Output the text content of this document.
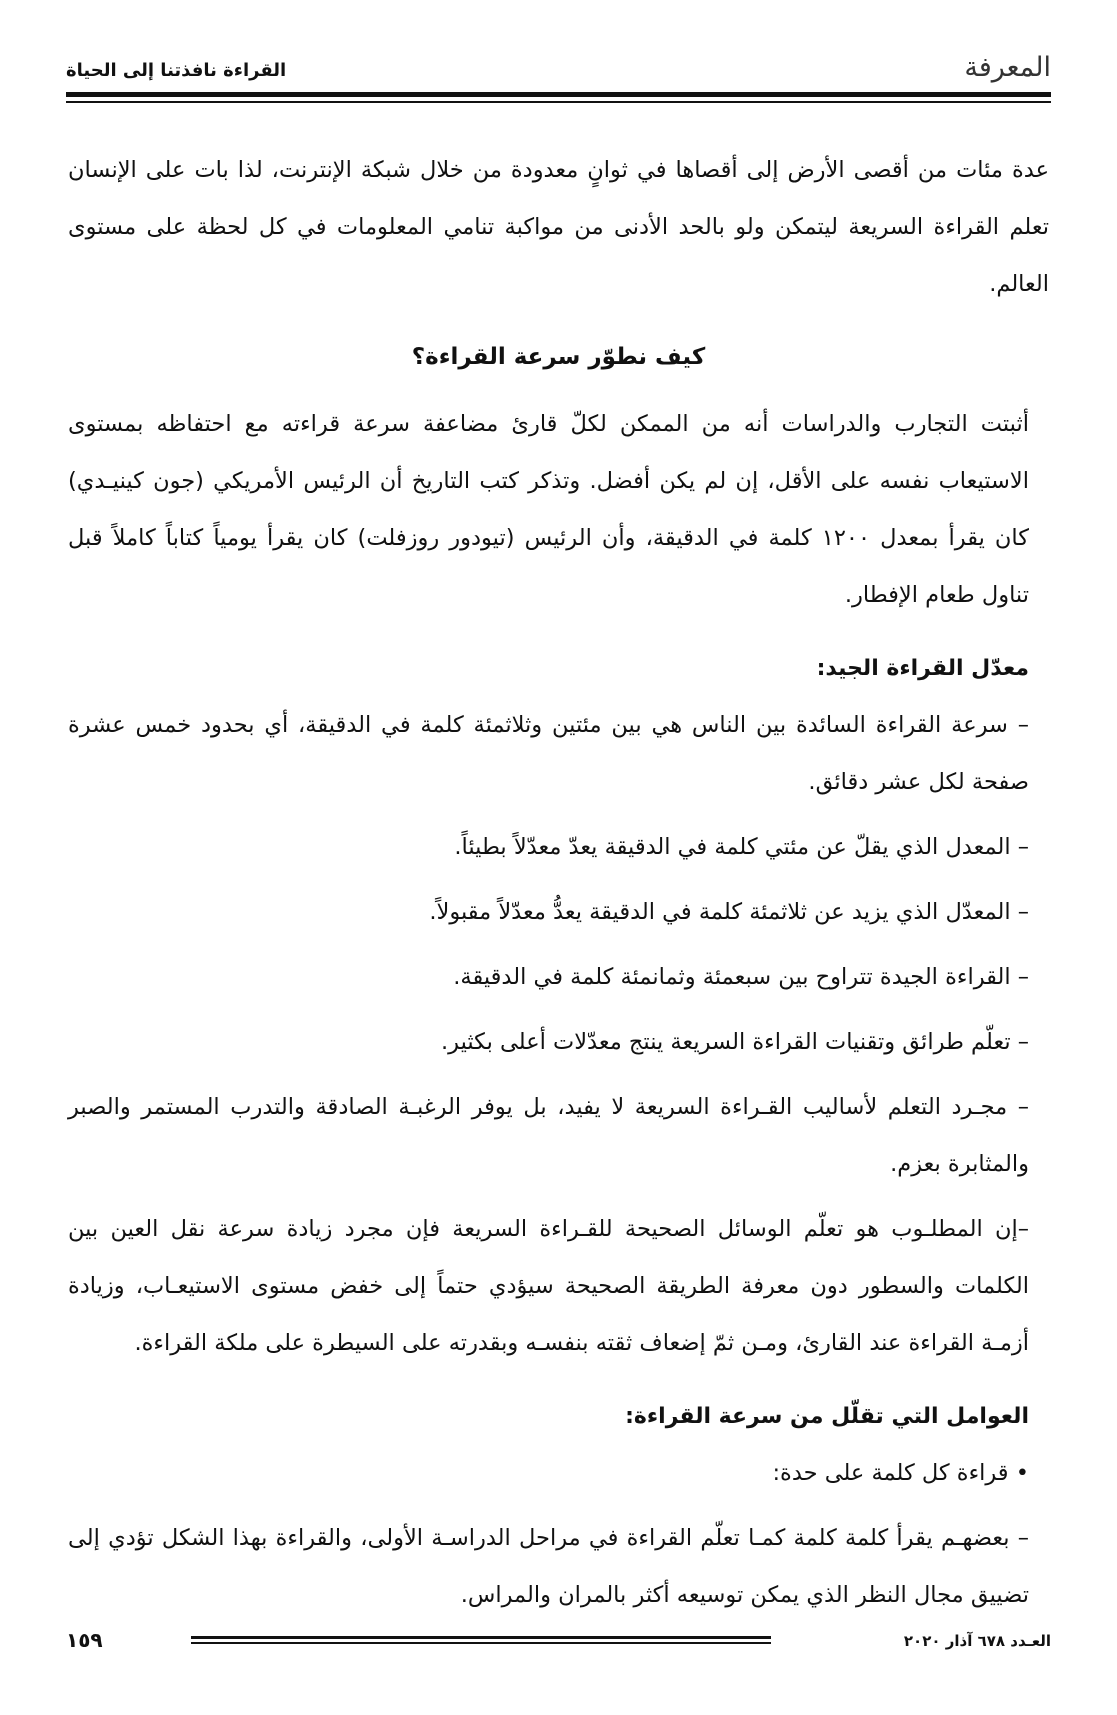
المعرفة
القراءة نافذتنا إلى الحياة

عدة مئات من أقصى الأرض إلى أقصاها في ثوانٍ معدودة من خلال شبكة الإنترنت، لذا بات على الإنسان تعلم القراءة السريعة ليتمكن ولو بالحد الأدنى من مواكبة تنامي المعلومات في كل لحظة على مستوى العالم.

كيف نطوّر سرعة القراءة؟

أثبتت التجارب والدراسات أنه من الممكن لكلّ قارئ مضاعفة سرعة قراءته مع احتفاظه بمستوى الاستيعاب نفسه على الأقل، إن لم يكن أفضل. وتذكر كتب التاريخ أن الرئيس الأمريكي (جون كينيـدي) كان يقرأ بمعدل ١٢٠٠ كلمة في الدقيقة، وأن الرئيس (تيودور روزفلت) كان يقرأ يومياً كتاباً كاملاً قبل تناول طعام الإفطار.

معدّل القراءة الجيد:

– سرعة القراءة السائدة بين الناس هي بين مئتين وثلاثمئة كلمة في الدقيقة، أي بحدود خمس عشرة صفحة لكل عشر دقائق.

– المعدل الذي يقلّ عن مئتي كلمة في الدقيقة يعدّ معدّلاً بطيئاً.

– المعدّل الذي يزيد عن ثلاثمئة كلمة في الدقيقة يعدُّ معدّلاً مقبولاً.

– القراءة الجيدة تتراوح بين سبعمئة وثمانمئة كلمة في الدقيقة.

– تعلّم طرائق وتقنيات القراءة السريعة ينتج معدّلات أعلى بكثير.

– مجـرد التعلم لأساليب القـراءة السريعة لا يفيد، بل يوفر الرغبـة الصادقة والتدرب المستمر والصبر والمثابرة بعزم.

–إن المطلـوب هو تعلّم الوسائل الصحيحة للقـراءة السريعة فإن مجرد زيادة سرعة نقل العين بين الكلمات والسطور دون معرفة الطريقة الصحيحة سيؤدي حتماً إلى خفض مستوى الاستيعـاب، وزيادة أزمـة القراءة عند القارئ، ومـن ثمّ إضعاف ثقته بنفسـه وبقدرته على السيطرة على ملكة القراءة.

العوامل التي تقلّل من سرعة القراءة:

• قراءة كل كلمة على حدة:

– بعضهـم يقرأ كلمة كلمة كمـا تعلّم القراءة في مراحل الدراسـة الأولى، والقراءة بهذا الشكل تؤدي إلى تضييق مجال النظر الذي يمكن توسيعه أكثر بالمران والمراس.

١٥٩	العـدد ٦٧٨ آذار ٢٠٢٠
